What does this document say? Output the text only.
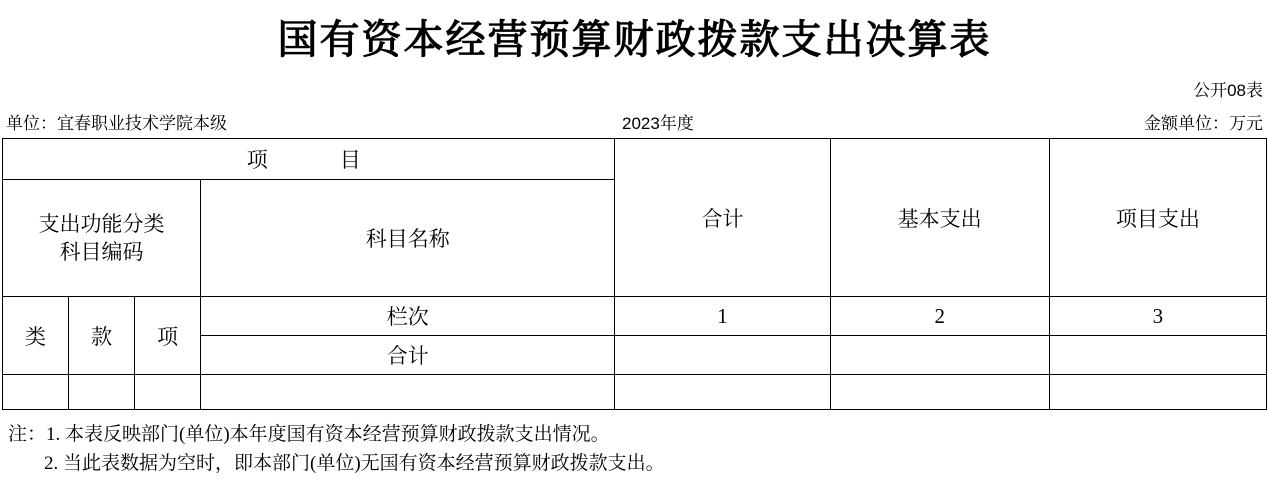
国有资本经营预算财政拨款支出决算表
公开08表
单位：宜春职业技术学院本级	2023年度	金额单位：万元
项　　目				合计	基本支出	项目支出
支出功能分类
科目编码			科目名称			
类	款	项	栏次	1	2	3
			合计			

注：1. 本表反映部门(单位)本年度国有资本经营预算财政拨款支出情况。
2. 当此表数据为空时，即本部门(单位)无国有资本经营预算财政拨款支出。
